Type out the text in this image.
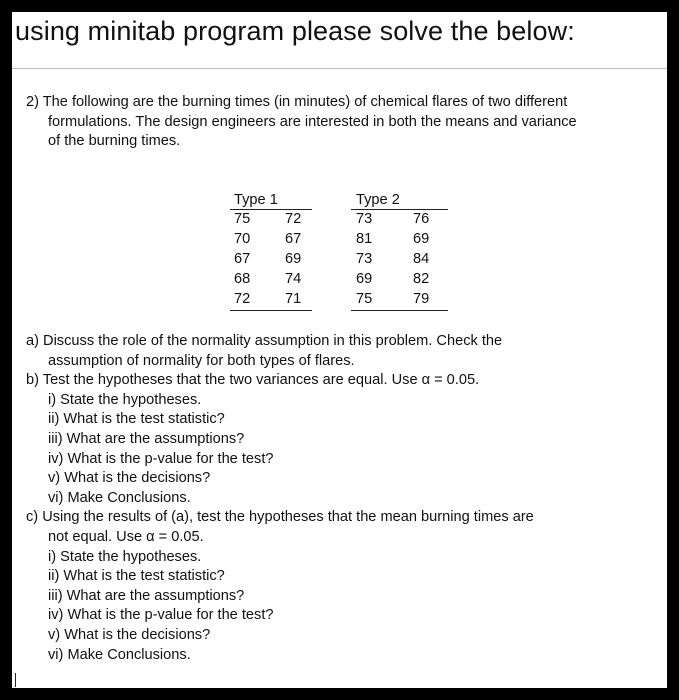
using minitab program please solve the below:
2) The following are the burning times (in minutes) of chemical flares of two different
formulations. The design engineers are interested in both the means and variance
of the burning times.
Type 1	Type 2
75 72	73	76
70 67	81	69
67 69	73	84
68 74	69	82
72 71	75	79
a) Discuss the role of the normality assumption in this problem. Check the
assumption of normality for both types of flares.
b) Test the hypotheses that the two variances are equal. Use α = 0.05.
i) State the hypotheses.
ii) What is the test statistic?
iii) What are the assumptions?
iv) What is the p-value for the test?
v) What is the decisions?
vi) Make Conclusions.
c) Using the results of (a), test the hypotheses that the mean burning times are
not equal. Use α = 0.05.
i) State the hypotheses.
ii) What is the test statistic?
iii) What are the assumptions?
iv) What is the p-value for the test?
v) What is the decisions?
vi) Make Conclusions.
